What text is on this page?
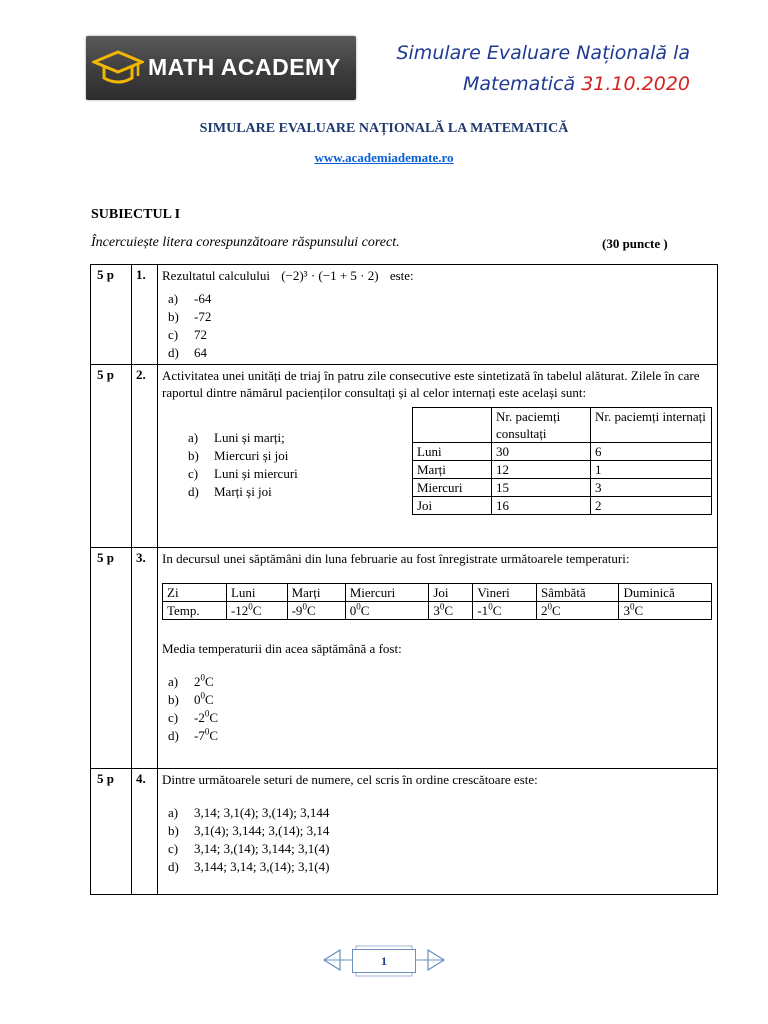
MATH ACADEMY
Simulare Evaluare Națională la
Matematică 31.10.2020
SIMULARE EVALUARE NAȚIONALĂ LA MATEMATICĂ
www.academiademate.ro
SUBIECTUL I
Încercuiește litera corespunzătoare răspunsului corect.	(30 puncte )
5 p	1.	Rezultatul calculului (−2)³ · (−1 + 5 · 2) este:
a) -64
b) -72
c) 72
d) 64

5 p	2.	Activitatea unei unități de triaj în patru zile consecutive este sintetizată în tabelul alăturat. Zilele în care raportul dintre nămărul pacienților consultați și al celor internați este același sunt:
a) Luni și marți;
b) Miercuri și joi
c) Luni și miercuri
d) Marți și joi
	Nr. paciemți consultați	Nr. paciemți internați
Luni	30	6
Marți	12	1
Miercuri	15	3
Joi	16	2

5 p	3.	In decursul unei săptămâni din luna februarie au fost înregistrate următoarele temperaturi:
Zi	Luni	Marți	Miercuri	Joi	Vineri	Sâmbătă	Duminică
Temp.	$-12^0C$	$-9^0C$	$0^0C$	$3^0C$	$-1^0C$	$2^0C$	$3^0C$
Media temperaturii din acea săptămână a fost:
a) $2^0C$
b) $0^0C$
c) $-2^0C$
d) $-7^0C$

5 p	4.	Dintre următoarele seturi de numere, cel scris în ordine crescătoare este:
a) 3,14; 3,1(4); 3,(14); 3,144
b) 3,1(4); 3,144; 3,(14); 3,14
c) 3,14; 3,(14); 3,144; 3,1(4)
d) 3,144; 3,14; 3,(14); 3,1(4)
1
